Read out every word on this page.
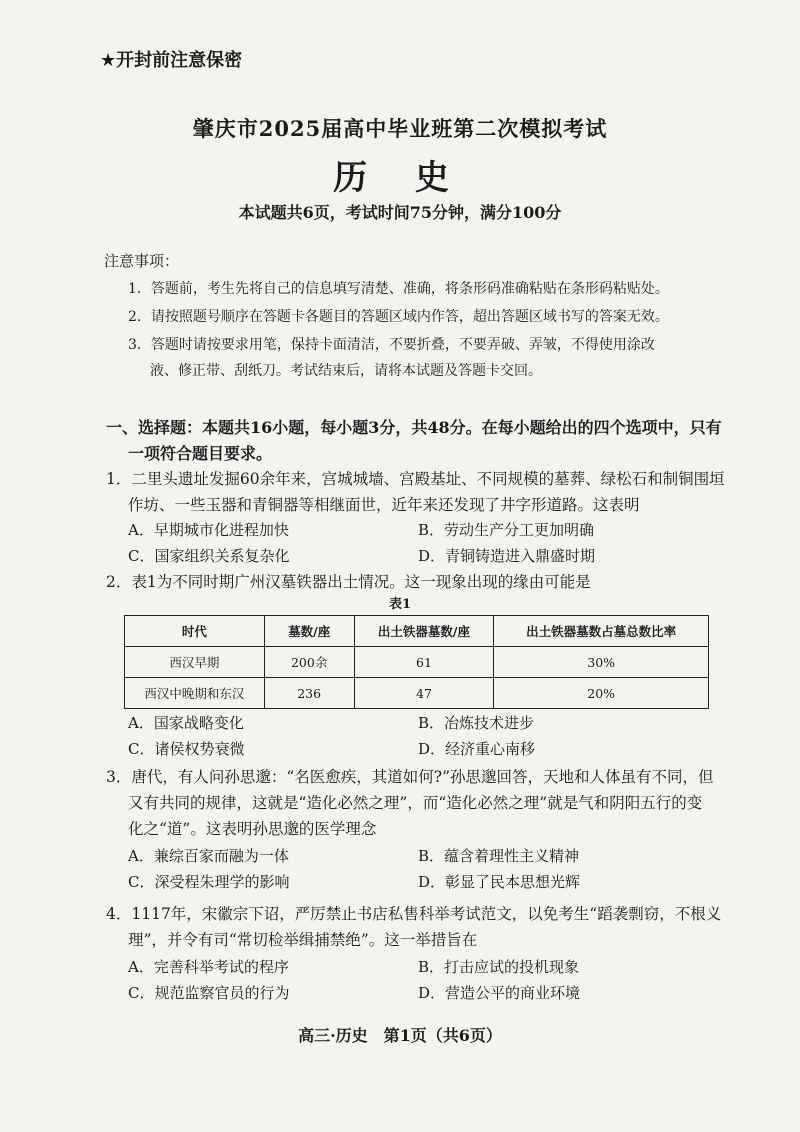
★开封前注意保密
肇庆市2025届高中毕业班第二次模拟考试
历 史
本试题共6页，考试时间75分钟，满分100分
注意事项：
1．答题前，考生先将自己的信息填写清楚、准确，将条形码准确粘贴在条形码粘贴处。
2．请按照题号顺序在答题卡各题目的答题区域内作答，超出答题区域书写的答案无效。
3．答题时请按要求用笔，保持卡面清洁，不要折叠，不要弄破、弄皱，不得使用涂改
液、修正带、刮纸刀。考试结束后，请将本试题及答题卡交回。
一、选择题：本题共16小题，每小题3分，共48分。在每小题给出的四个选项中，只有
一项符合题目要求。
1．二里头遗址发掘60余年来，宫城城墙、宫殿基址、不同规模的墓葬、绿松石和制铜围垣
作坊、一些玉器和青铜器等相继面世，近年来还发现了井字形道路。这表明
A．早期城市化进程加快	B．劳动生产分工更加明确
C．国家组织关系复杂化	D．青铜铸造进入鼎盛时期
2．表1为不同时期广州汉墓铁器出土情况。这一现象出现的缘由可能是
表1
时代	墓数/座	出土铁器墓数/座	出土铁器墓数占墓总数比率
西汉早期	200余	61	30%
西汉中晚期和东汉	236	47	20%
A．国家战略变化	B．冶炼技术进步
C．诸侯权势衰微	D．经济重心南移
3．唐代，有人问孙思邈：“名医愈疾，其道如何?”孙思邈回答，天地和人体虽有不同，但
又有共同的规律，这就是“造化必然之理”，而“造化必然之理”就是气和阴阳五行的变
化之“道”。这表明孙思邈的医学理念
A．兼综百家而融为一体	B．蕴含着理性主义精神
C．深受程朱理学的影响	D．彰显了民本思想光辉
4．1117年，宋徽宗下诏，严厉禁止书店私售科举考试范文，以免考生“蹈袭剽窃，不根义
理”，并令有司“常切检举缉捕禁绝”。这一举措旨在
A．完善科举考试的程序	B．打击应试的投机现象
C．规范监察官员的行为	D．营造公平的商业环境
高三·历史　第1页（共6页）
